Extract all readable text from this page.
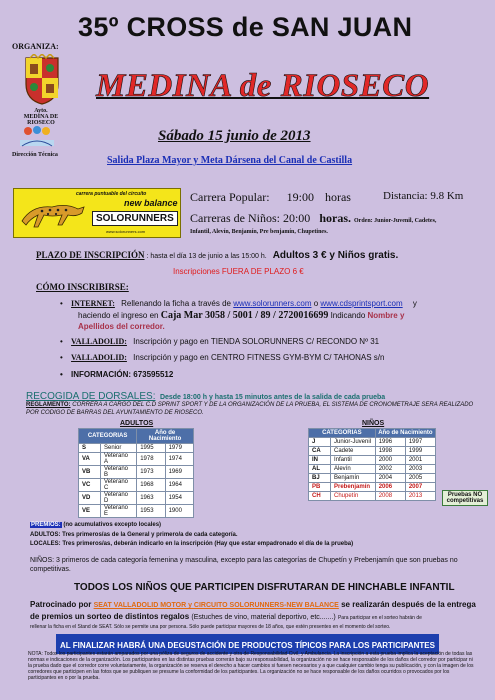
ORGANIZA:
Ayto.
MEDINA DE RIOSECO
Dirección Técnica
35º CROSS de SAN JUAN
MEDINA de RIOSECO
Sábado 15 junio de 2013
Salida Plaza Mayor y Meta Dársena del Canal de Castilla
carrera puntuable del circuito
new balance
SOLORUNNERS
www.solorunners.com
Carrera Popular: 19:00 horas	Distancia: 9.8 Km
Carreras de Niños: 20:00 horas. Orden: Junior-Juvenil, Cadetes,
Infantil, Alevín, Benjamín, Pre benjamín, Chupetines.
PLAZO DE INSCRIPCIÓN : hasta el día 13 de junio a las 15:00 h. Adultos 3 € y Niños gratis.
Inscripciones FUERA DE PLAZO 6 €
CÓMO INSCRIBIRSE:
• INTERNET: Rellenando la ficha a través de www.solorunners.com o www.cdsprintsport.com y
haciendo el ingreso en Caja Mar 3058 / 5001 / 89 / 2720016699 Indicando Nombre y
Apellidos del corredor.
• VALLADOLID: Inscripción y pago en TIENDA SOLORUNNERS C/ RECONDO Nº 31
• VALLADOLID: Inscripción y pago en CENTRO FITNESS GYM-BYM C/ TAHONAS s/n
• INFORMACIÓN: 673595512
RECOGIDA DE DORSALES: Desde 18:00 h y hasta 15 minutos antes de la salida de cada prueba
REGLAMENTO: CORRERA A CARGO DEL C.D SPRINT SPORT Y DE LA ORGANIZACIÓN DE LA PRUEBA, EL SISTEMA DE CRONOMETRAJE SERA REALIZADO POR CODIGO DE BARRAS DEL AYUNTAMIENTO DE RIOSECO.
ADULTOS
CATEGORIAS		Año de Nacimiento	
S	Senior	1995	1979
VA	Veterano A	1978	1974
VB	Veterano B	1973	1969
VC	Veterano C	1968	1964
VD	Veterano D	1963	1954
VE	Veterano E	1953	1900
NIÑOS
CATEGORIAS		Año de Nacimiento	
J	Junior-Juvenil	1996	1997
CA	Cadete	1998	1999
IN	Infantil	2000	2001
AL	Alevín	2002	2003
BJ	Benjamín	2004	2005
PB	Prebenjamín	2006	2007
CH	Chupetín	2008	2013	Pruebas NO competitivas
PREMIOS: (no acumulativos excepto locales)
ADULTOS: Tres primeros/as de la General y primero/a de cada categoría.
LOCALES: Tres primeros/as, deberán indicarlo en la inscripción (Hay que estar empadronado el día de la prueba)
NIÑOS: 3 primeros de cada categoría femenina y masculina, excepto para las categorías de Chupetín y Prebenjamín que son pruebas no competitivas.
TODOS LOS NIÑOS QUE PARTICIPEN DISFRUTARAN DE HINCHABLE INFANTIL
Patrocinado por SEAT VALLADOLID MOTOR y CIRCUITO SOLORUNNERS-NEW BALANCE se realizarán después de la entrega
de premios un sorteo de distintos regalos (Estuches de vino, material deportivo, etc.......) Para participar en el sorteo habrán de
rellenar la ficha en el Stand de SEAT. Sólo se permite una por persona. Sólo puede participar mayores de 18 años, que estén presentes en el momento del sorteo.
AL FINALIZAR HABRÁ UNA DEGUSTACIÓN DE PRODUCTOS TÍPICOS PARA LOS PARTICIPANTES
NOTA: Todos los participantes estarán amparados por una póliza de seguros de accidente y otra de Responsabilidad Civil, y Ambulancia. La inscripción a esta prueba implica la aceptación de todas las normas e indicaciones de la organización. Los participantes en las distintas pruebas correrán bajo su responsabilidad, la organización no se hace responsable de los daños del corredor por participar ni la prueba dado que el corredor corre voluntariamente, la organización se reserva el derecho a hacer cambios si fuesen necesarios y a que cualquier cambio tenga su publicación, y con la imagen de los corredores que participen en las fotos que se publiquen se presume la conformidad de los participantes. La organización no se hace responsable de los daños ocurridos o provocados por los participantes en o por la prueba.
